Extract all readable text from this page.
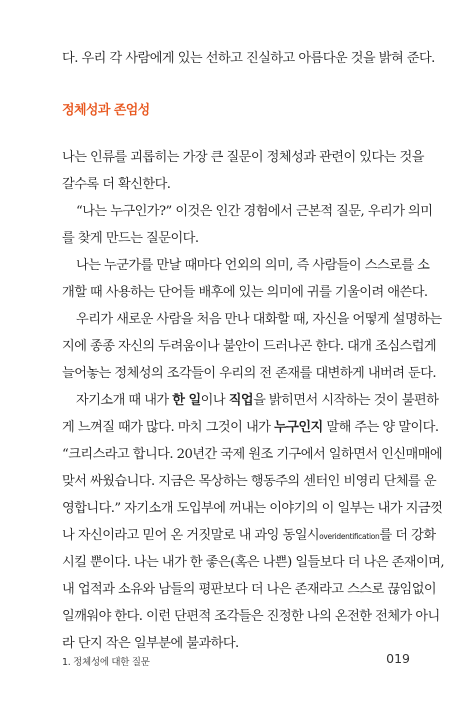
다. 우리 각 사람에게 있는 선하고 진실하고 아름다운 것을 밝혀 준다.
정체성과 존엄성
나는 인류를 괴롭히는 가장 큰 질문이 정체성과 관련이 있다는 것을
갈수록 더 확신한다.
“나는 누구인가?” 이것은 인간 경험에서 근본적 질문, 우리가 의미
를 찾게 만드는 질문이다.
나는 누군가를 만날 때마다 언외의 의미, 즉 사람들이 스스로를 소
개할 때 사용하는 단어들 배후에 있는 의미에 귀를 기울이려 애쓴다.
우리가 새로운 사람을 처음 만나 대화할 때, 자신을 어떻게 설명하는
지에 종종 자신의 두려움이나 불안이 드러나곤 한다. 대개 조심스럽게
늘어놓는 정체성의 조각들이 우리의 전 존재를 대변하게 내버려 둔다.
자기소개 때 내가 한 일이나 직업을 밝히면서 시작하는 것이 불편하
게 느껴질 때가 많다. 마치 그것이 내가 누구인지 말해 주는 양 말이다.
“크리스라고 합니다. 20년간 국제 원조 기구에서 일하면서 인신매매에
맞서 싸웠습니다. 지금은 목상하는 행동주의 센터인 비영리 단체를 운
영합니다.” 자기소개 도입부에 꺼내는 이야기의 이 일부는 내가 지금껏
나 자신이라고 믿어 온 거짓말로 내 과잉 동일시overidentification를 더 강화
시킬 뿐이다. 나는 내가 한 좋은(혹은 나쁜) 일들보다 더 나은 존재이며,
내 업적과 소유와 남들의 평판보다 더 나은 존재라고 스스로 끊임없이
일깨워야 한다. 이런 단편적 조각들은 진정한 나의 온전한 전체가 아니
라 단지 작은 일부분에 불과하다.
1. 정체성에 대한 질문	019
